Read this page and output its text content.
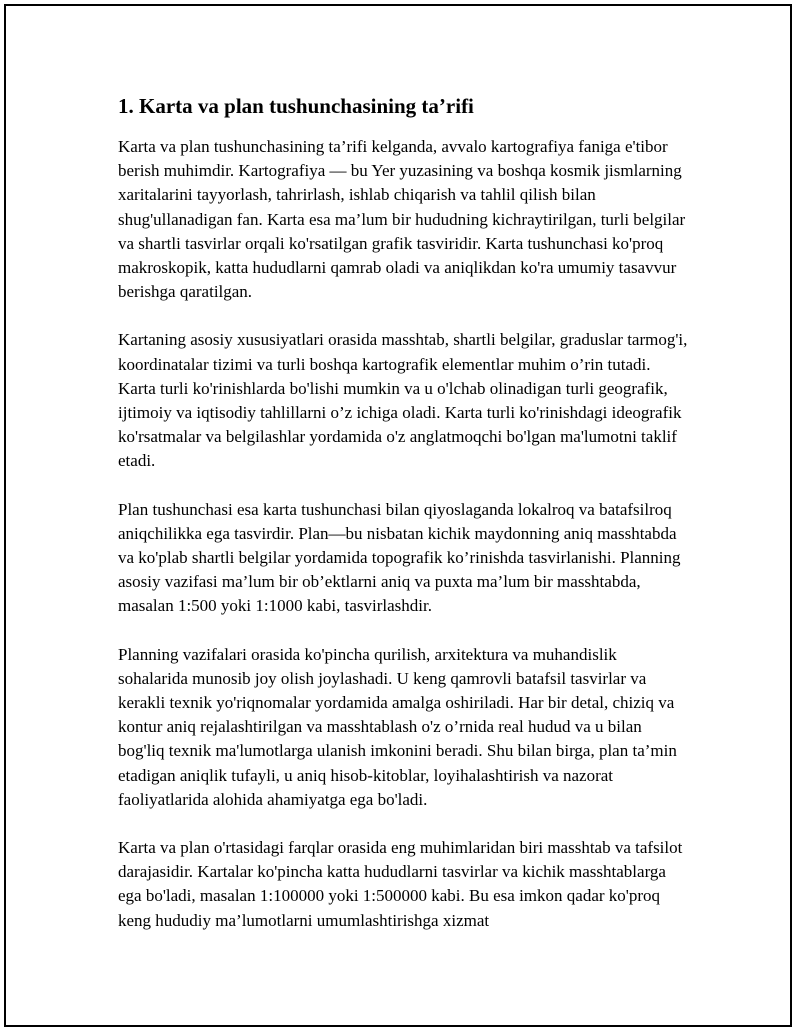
1. Karta va plan tushunchasining ta’rifi

Karta va plan tushunchasining ta’rifi kelganda, avvalo kartografiya faniga e'tibor berish muhimdir. Kartografiya — bu Yer yuzasining va boshqa kosmik jismlarning xaritalarini tayyorlash, tahrirlash, ishlab chiqarish va tahlil qilish bilan shug'ullanadigan fan. Karta esa ma’lum bir hududning kichraytirilgan, turli belgilar va shartli tasvirlar orqali ko'rsatilgan grafik tasviridir. Karta tushunchasi ko'proq makroskopik, katta hududlarni qamrab oladi va aniqlikdan ko'ra umumiy tasavvur berishga qaratilgan.

Kartaning asosiy xususiyatlari orasida masshtab, shartli belgilar, graduslar tarmog'i, koordinatalar tizimi va turli boshqa kartografik elementlar muhim o’rin tutadi. Karta turli ko'rinishlarda bo'lishi mumkin va u o'lchab olinadigan turli geografik, ijtimoiy va iqtisodiy tahlillarni o’z ichiga oladi. Karta turli ko'rinishdagi ideografik ko'rsatmalar va belgilashlar yordamida o'z anglatmoqchi bo'lgan ma'lumotni taklif etadi.

Plan tushunchasi esa karta tushunchasi bilan qiyoslaganda lokalroq va batafsilroq aniqchilikka ega tasvirdir. Plan—bu nisbatan kichik maydonning aniq masshtabda va ko'plab shartli belgilar yordamida topografik ko’rinishda tasvirlanishi. Planning asosiy vazifasi ma’lum bir ob’ektlarni aniq va puxta ma’lum bir masshtabda, masalan 1:500 yoki 1:1000 kabi, tasvirlashdir.

Planning vazifalari orasida ko'pincha qurilish, arxitektura va muhandislik sohalarida munosib joy olish joylashadi. U keng qamrovli batafsil tasvirlar va kerakli texnik yo'riqnomalar yordamida amalga oshiriladi. Har bir detal, chiziq va kontur aniq rejalashtirilgan va masshtablash o'z o’rnida real hudud va u bilan bog'liq texnik ma'lumotlarga ulanish imkonini beradi. Shu bilan birga, plan ta’min etadigan aniqlik tufayli, u aniq hisob-kitoblar, loyihalashtirish va nazorat faoliyatlarida alohida ahamiyatga ega bo'ladi.

Karta va plan o'rtasidagi farqlar orasida eng muhimlaridan biri masshtab va tafsilot darajasidir. Kartalar ko'pincha katta hududlarni tasvirlar va kichik masshtablarga ega bo'ladi, masalan 1:100000 yoki 1:500000 kabi. Bu esa imkon qadar ko'proq keng hududiy ma’lumotlarni umumlashtirishga xizmat
